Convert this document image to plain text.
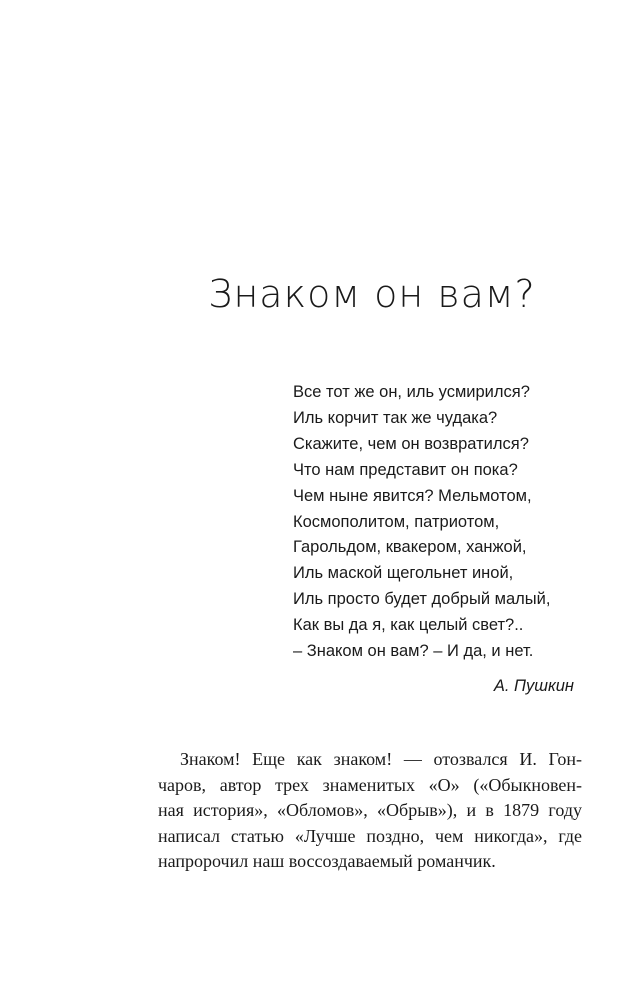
Знаком он вам?
Все тот же он, иль усмирился?
Иль корчит так же чудака?
Скажите, чем он возвратился?
Что нам представит он пока?
Чем ныне явится? Мельмотом,
Космополитом, патриотом,
Гарольдом, квакером, ханжой,
Иль маской щегольнет иной,
Иль просто будет добрый малый,
Как вы да я, как целый свет?..
– Знаком он вам? – И да, и нет.
А. Пушкин
Знаком! Еще как знаком! — отозвался И. Гон-
чаров, автор трех знаменитых «О» («Обыкновен-
ная история», «Обломов», «Обрыв»), и в 1879 году
написал статью «Лучше поздно, чем никогда», где
напророчил наш воссоздаваемый романчик.
